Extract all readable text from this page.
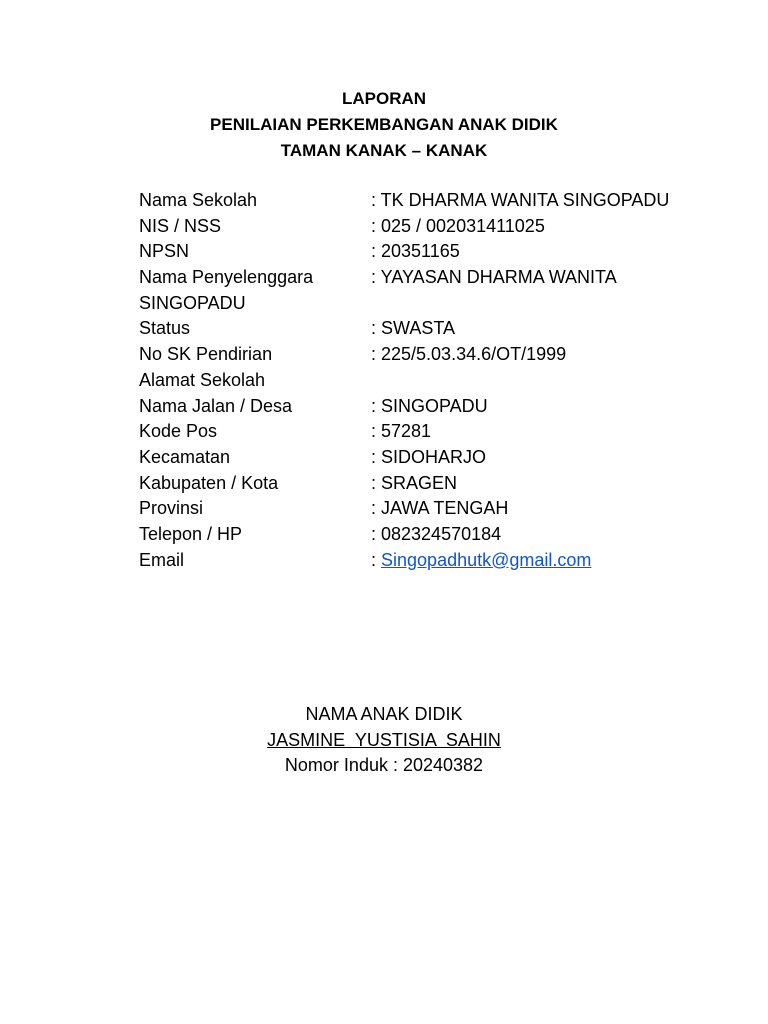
LAPORAN
PENILAIAN PERKEMBANGAN ANAK DIDIK
TAMAN KANAK – KANAK
Nama Sekolah	: TK DHARMA WANITA SINGOPADU
NIS / NSS	: 025 / 002031411025
NPSN	: 20351165
Nama Penyelenggara	: YAYASAN DHARMA WANITA
SINGOPADU
Status	: SWASTA
No SK Pendirian	: 225/5.03.34.6/OT/1999
Alamat Sekolah
Nama Jalan / Desa	: SINGOPADU
Kode Pos	: 57281
Kecamatan	: SIDOHARJO
Kabupaten / Kota	: SRAGEN
Provinsi	: JAWA TENGAH
Telepon / HP	: 082324570184
Email	: Singopadhutk@gmail.com
NAMA ANAK DIDIK
JASMINE  YUSTISIA  SAHIN
Nomor Induk : 20240382
